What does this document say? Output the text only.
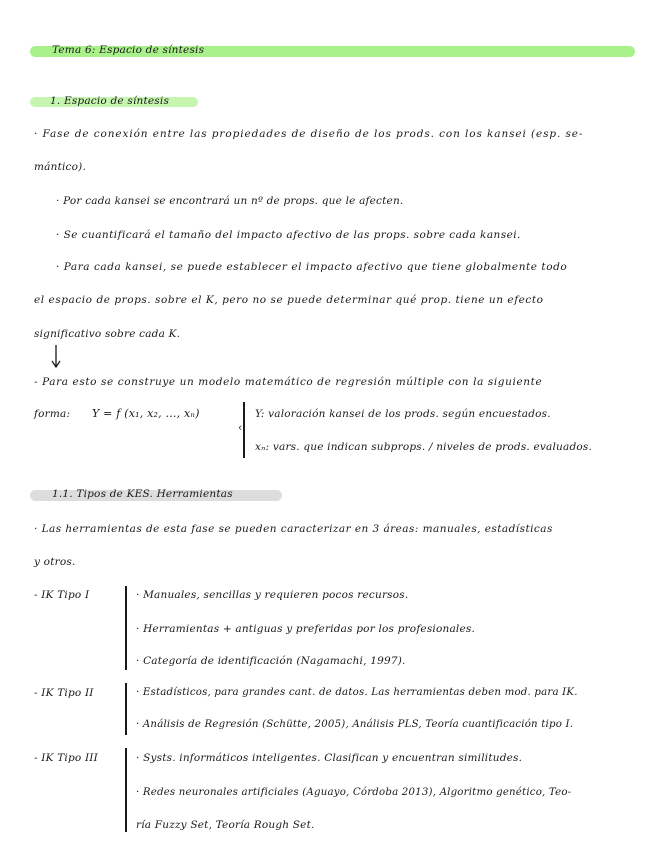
Tema 6: Espacio de síntesis
1. Espacio de síntesis
· Fase de conexión entre las propiedades de diseño de los prods. con los kansei (esp. se-
mántico).
· Por cada kansei se encontrará un nº de props. que le afecten.
· Se cuantificará el tamaño del impacto afectivo de las props. sobre cada kansei.
· Para cada kansei, se puede establecer el impacto afectivo que tiene globalmente todo
el espacio de props. sobre el K, pero no se puede determinar qué prop. tiene un efecto
significativo sobre cada K.
- Para esto se construye un modelo matemático de regresión múltiple con la siguiente
forma: Y = f (x₁, x₂, ..., xₙ)
‹
Y: valoración kansei de los prods. según encuestados.
xₙ: vars. que indican subprops. / niveles de prods. evaluados.
1.1. Tipos de KES. Herramientas
· Las herramientas de esta fase se pueden caracterizar en 3 áreas: manuales, estadísticas
y otros.
- IK Tipo I	· Manuales, sencillas y requieren pocos recursos.
· Herramientas + antiguas y preferidas por los profesionales.
· Categoría de identificación (Nagamachi, 1997).
- IK Tipo II	· Estadísticos, para grandes cant. de datos. Las herramientas deben mod. para IK.
· Análisis de Regresión (Schütte, 2005), Análisis PLS, Teoría cuantificación tipo I.
- IK Tipo III	· Systs. informáticos inteligentes. Clasifican y encuentran similitudes.
· Redes neuronales artificiales (Aguayo, Córdoba 2013), Algoritmo genético, Teo-
ría Fuzzy Set, Teoría Rough Set.
